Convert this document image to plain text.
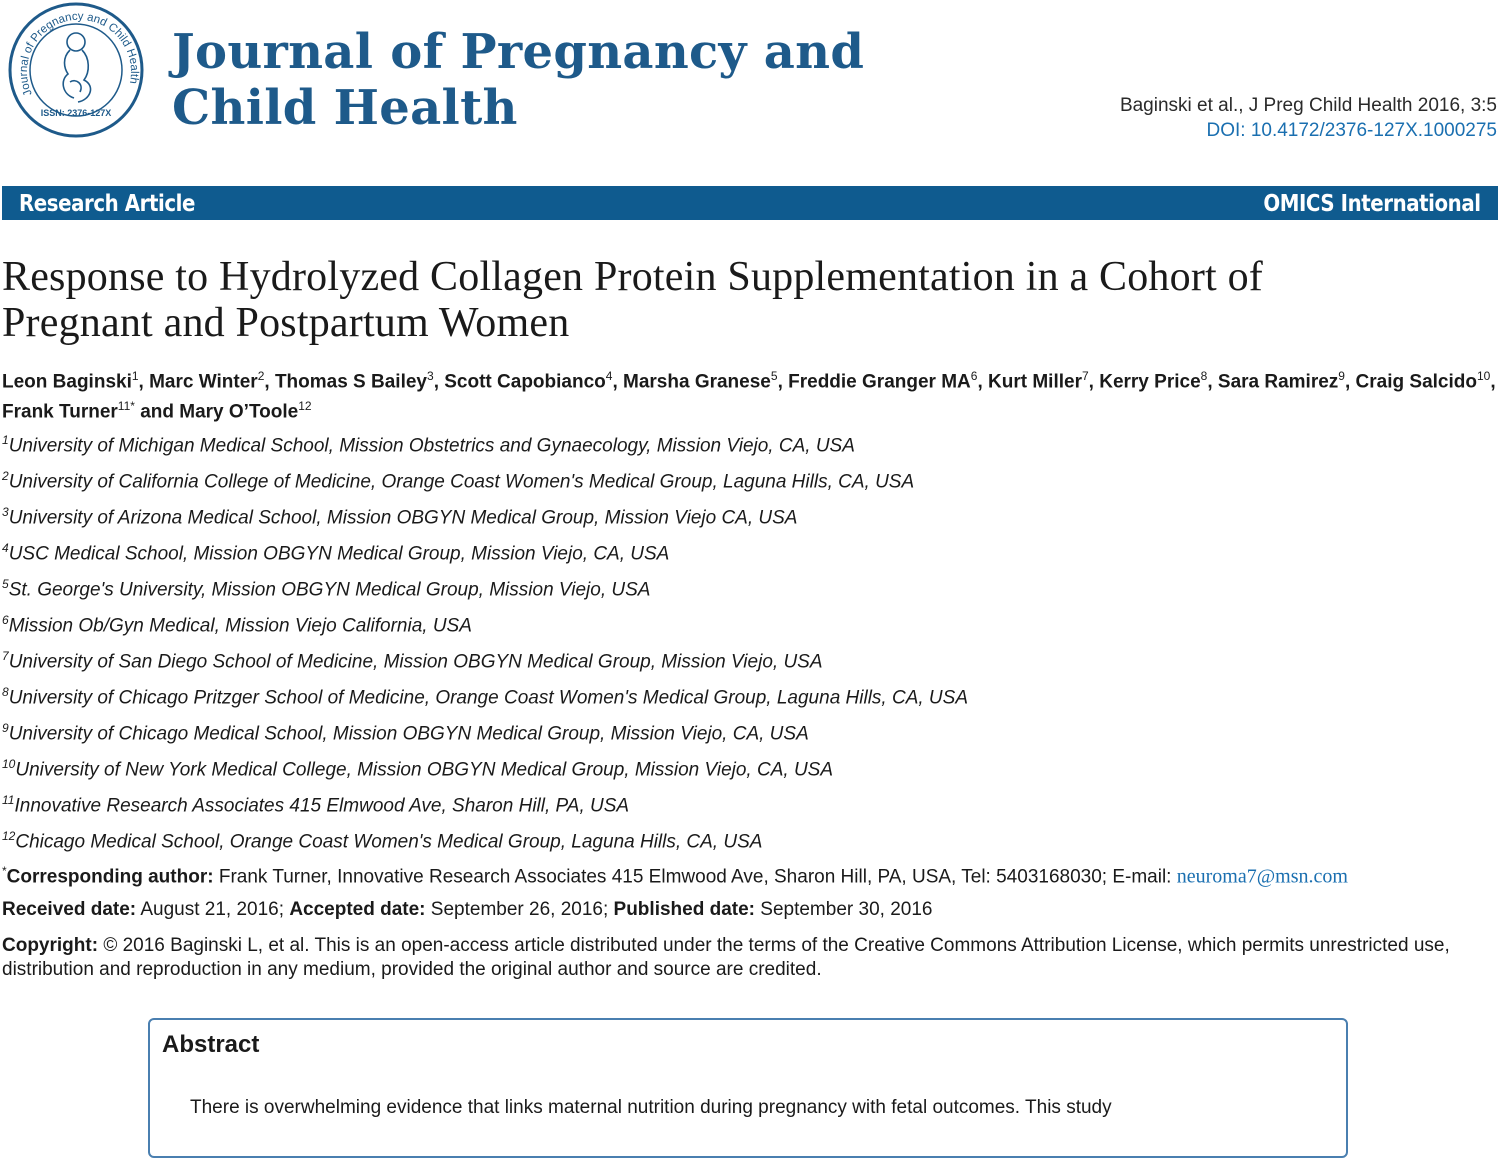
Journal of Pregnancy and Child Health
ISSN: 2376-127X
Journal of Pregnancy and Child Health	Baginski et al., J Preg Child Health 2016, 3:5
DOI: 10.4172/2376-127X.1000275
Research Article	OMICS International
Response to Hydrolyzed Collagen Protein Supplementation in a Cohort of Pregnant and Postpartum Women
Leon Baginski$^1$, Marc Winter$^2$, Thomas S Bailey$^3$, Scott Capobianco$^4$, Marsha Granese$^5$, Freddie Granger $MA^6$, Kurt Miller$^7$, Kerry Price$^8$, Sara Ramirez$^9$, Craig Salcido$^{10}$, Frank Turner$^{11*}$ and Mary O’Toole$^{12}$
$^1$University of Michigan Medical School, Mission Obstetrics and Gynaecology, Mission Viejo, CA, USA
$^2$University of California College of Medicine, Orange Coast Women's Medical Group, Laguna Hills, CA, USA
$^3$University of Arizona Medical School, Mission OBGYN Medical Group, Mission Viejo CA, USA
$^4$USC Medical School, Mission OBGYN Medical Group, Mission Viejo, CA, USA
$^5$St. George's University, Mission OBGYN Medical Group, Mission Viejo, USA
$^6$Mission Ob/Gyn Medical, Mission Viejo California, USA
$^7$University of San Diego School of Medicine, Mission OBGYN Medical Group, Mission Viejo, USA
$^8$University of Chicago Pritzger School of Medicine, Orange Coast Women's Medical Group, Laguna Hills, CA, USA
$^9$University of Chicago Medical School, Mission OBGYN Medical Group, Mission Viejo, CA, USA
$^{10}$University of New York Medical College, Mission OBGYN Medical Group, Mission Viejo, CA, USA
$^{11}$Innovative Research Associates 415 Elmwood Ave, Sharon Hill, PA, USA
$^{12}$Chicago Medical School, Orange Coast Women's Medical Group, Laguna Hills, CA, USA
*Corresponding author: Frank Turner, Innovative Research Associates 415 Elmwood Ave, Sharon Hill, PA, USA, Tel: 5403168030; E-mail: neuroma7@msn.com
Received date: August 21, 2016; Accepted date: September 26, 2016; Published date: September 30, 2016
Copyright: © 2016 Baginski L, et al. This is an open-access article distributed under the terms of the Creative Commons Attribution License, which permits unrestricted use, distribution and reproduction in any medium, provided the original author and source are credited.
Abstract
There is overwhelming evidence that links maternal nutrition during pregnancy with fetal outcomes. This study
